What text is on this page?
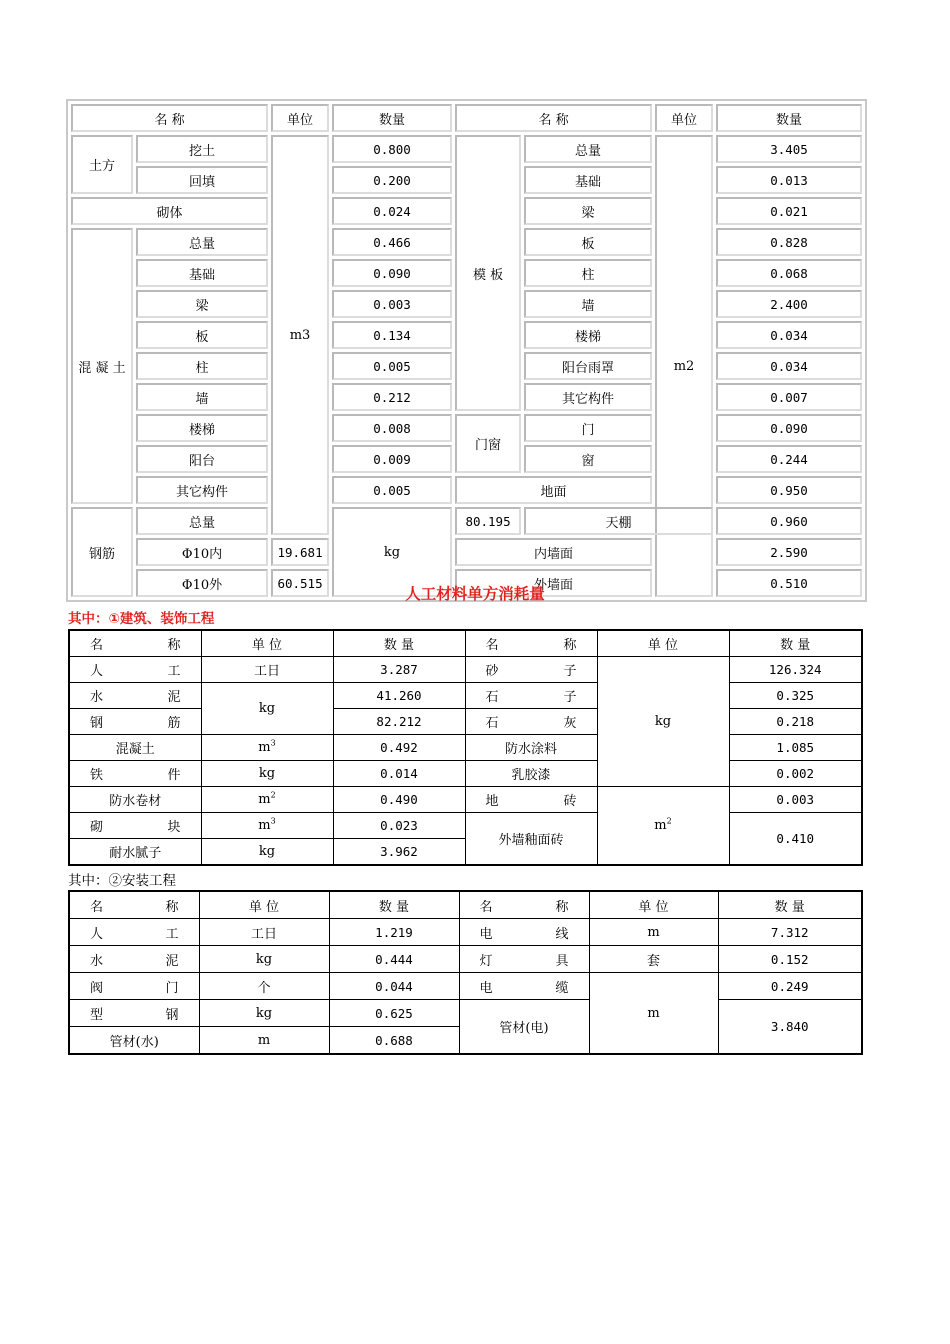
名 称		单位	数量	名 称		单位	数量
土方	挖土	m3	0.800	模 板	总量	m2	3.405
	回填		0.200		基础		0.013
砌体			0.024		梁		0.021
混 凝 土	总量		0.466		板		0.828
	基础		0.090		柱		0.068
	梁		0.003		墙		2.400
	板		0.134		楼梯		0.034
	柱		0.005		阳台雨罩		0.034
	墙		0.212		其它构件		0.007
	楼梯		0.008	门窗	门		0.090
	阳台		0.009		窗		0.244
	其它构件		0.005	地面			0.950
钢筋	总量		kg	80.195	天棚		0.960
	Φ10内	19.681		内墙面			2.590
	Φ10外	60.515		外墙面			0.510
人工材料单方消耗量
其中：①建筑、装饰工程
名 称	单 位	数 量	名 称	单 位	数 量
人 工	工日	3.287	砂 子	kg	126.324
水 泥	kg	41.260	石 子		0.325
钢 筋		82.212	石 灰		0.218
混凝土	$m^3$	0.492	防水涂料		1.085
铁 件	kg	0.014	乳胶漆		0.002
防水卷材	$m^2$	0.490	地 砖	$m^2$	0.003
砌 块	$m^3$	0.023	外墙釉面砖		0.410
耐水腻子	kg	3.962			
其中：②安装工程
名 称	单 位	数 量	名 称	单 位	数 量
人 工	工日	1.219	电 线	m	7.312
水 泥	kg	0.444	灯 具	套	0.152
阀 门	个	0.044	电 缆	m	0.249
型 钢	kg	0.625	管材(电)		3.840
管材(水)	m	0.688			
